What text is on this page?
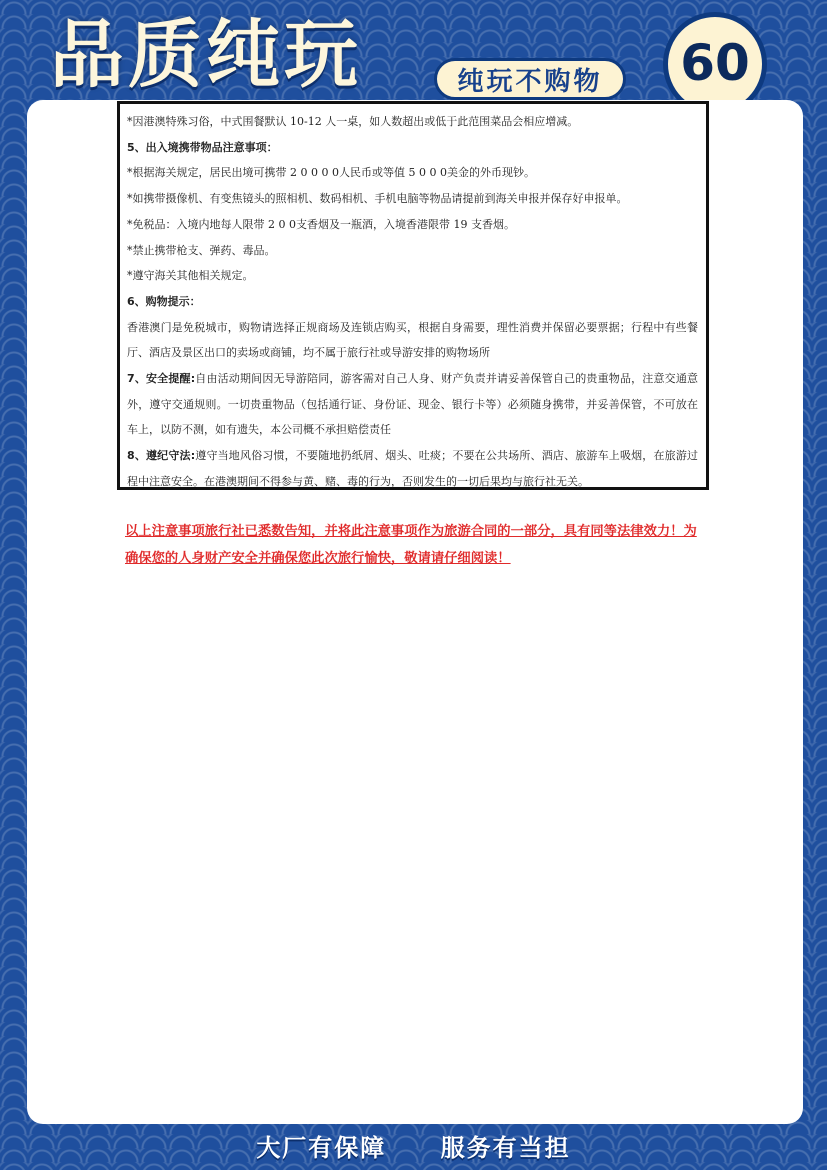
品质纯玩	纯玩不购物	60

*因港澳特殊习俗，中式围餐默认 10-12 人一桌，如人数超出或低于此范围菜品会相应增减。

5、出入境携带物品注意事项：

*根据海关规定，居民出境可携带 2 0 0 0 0人民币或等值 5 0 0 0美金的外币现钞。

*如携带摄像机、有变焦镜头的照相机、数码相机、手机电脑等物品请提前到海关申报并保存好申报单。

*免税品：入境内地每人限带 2 0 0支香烟及一瓶酒，入境香港限带 19 支香烟。

*禁止携带枪支、弹药、毒品。

*遵守海关其他相关规定。

6、购物提示：

香港澳门是免税城市，购物请选择正规商场及连锁店购买，根据自身需要，理性消费并保留必要票据；行程中有些餐厅、酒店及景区出口的卖场或商铺，均不属于旅行社或导游安排的购物场所

7、安全提醒:自由活动期间因无导游陪同，游客需对自己人身、财产负责并请妥善保管自己的贵重物品，注意交通意外，遵守交通规则。一切贵重物品（包括通行证、身份证、现金、银行卡等）必须随身携带，并妥善保管，不可放在车上，以防不测，如有遗失，本公司概不承担赔偿责任

8、遵纪守法:遵守当地风俗习惯，不要随地扔纸屑、烟头、吐痰；不要在公共场所、酒店、旅游车上吸烟，在旅游过程中注意安全。在港澳期间不得参与黄、赌、毒的行为，否则发生的一切后果均与旅行社无关。

以上注意事项旅行社已悉数告知，并将此注意事项作为旅游合同的一部分，具有同等法律效力！为确保您的人身财产安全并确保您此次旅行愉快，敬请请仔细阅读！
大厂有保障 服务有当担
